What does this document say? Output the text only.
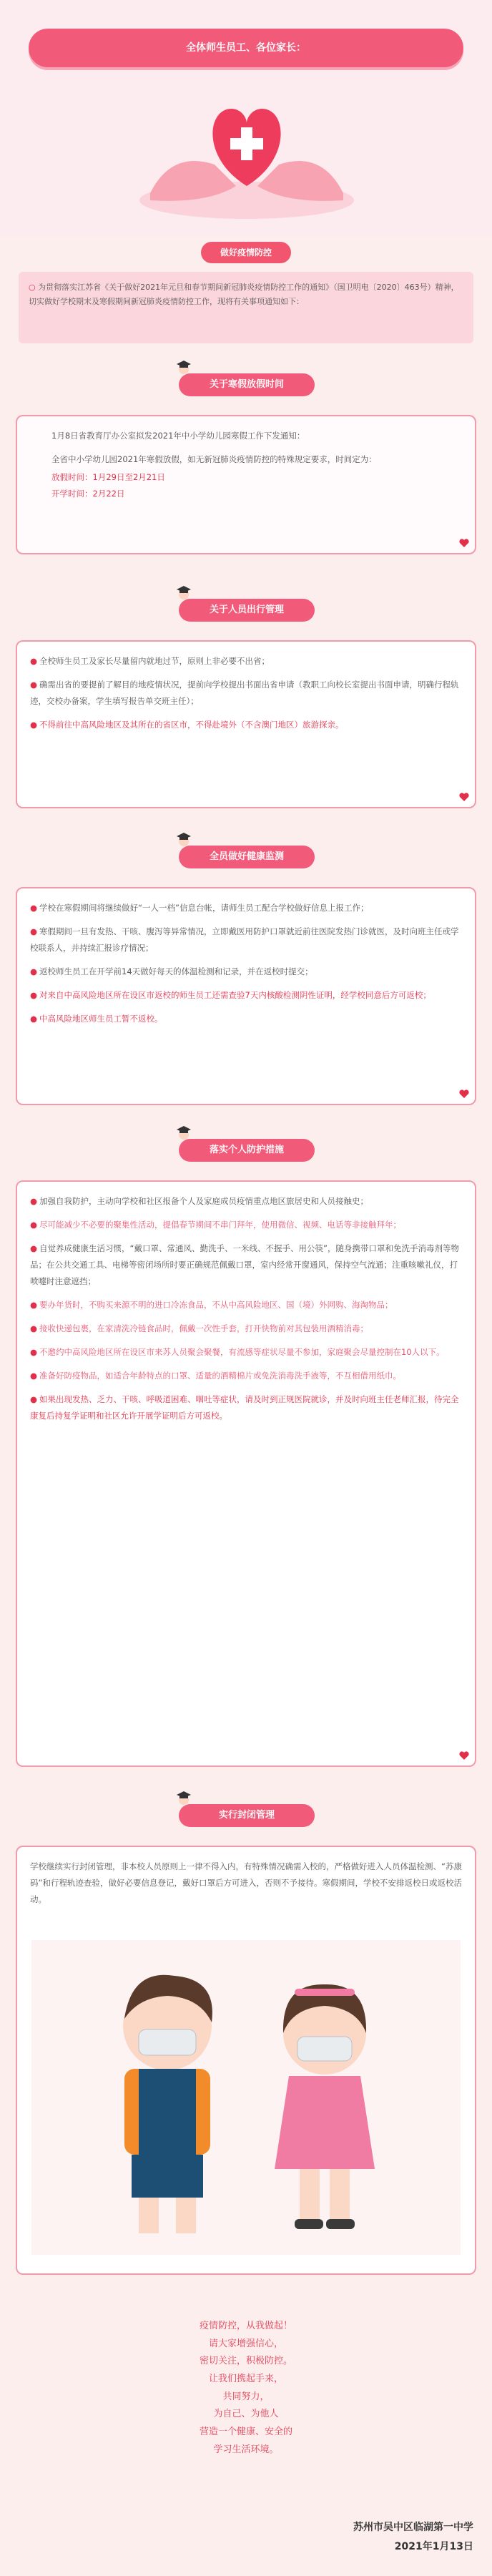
全体师生员工、各位家长：
做好疫情防控
○ 为贯彻落实江苏省《关于做好2021年元旦和春节期间新冠肺炎疫情防控工作的通知》（国卫明电〔2020〕463号）精神，切实做好学校期末及寒假期间新冠肺炎疫情防控工作，现将有关事项通知如下：
关于寒假放假时间

1月8日省教育厅办公室拟发2021年中小学幼儿园寒假工作下发通知：

全省中小学幼儿园2021年寒假放假，如无新冠肺炎疫情防控的特殊规定要求，时间定为：

放假时间：1月29日至2月21日

开学时间：2月22日

关于人员出行管理

● 全校师生员工及家长尽量留内就地过节，原则上非必要不出省；

● 确需出省的要提前了解目的地疫情状况，提前向学校提出书面出省申请（教职工向校长室提出书面申请，明确行程轨迹，交校办备案，学生填写报告单交班主任）；

● 不得前往中高风险地区及其所在的省区市，不得赴境外（不含澳门地区）旅游探亲。

全员做好健康监测

● 学校在寒假期间将继续做好“一人一档”信息台帐，请师生员工配合学校做好信息上报工作；

● 寒假期间一旦有发热、干咳、腹泻等异常情况，立即戴医用防护口罩就近前往医院发热门诊就医，及时向班主任或学校联系人，并持续汇报诊疗情况；

● 返校师生员工在开学前14天做好每天的体温检测和记录，并在返校时提交；

● 对来自中高风险地区所在设区市返校的师生员工还需查验7天内核酸检测阴性证明，经学校同意后方可返校；

● 中高风险地区师生员工暂不返校。

落实个人防护措施

● 加强自我防护，主动向学校和社区报备个人及家庭成员疫情重点地区旅居史和人员接触史；

● 尽可能减少不必要的聚集性活动，提倡春节期间不串门拜年，使用微信、视频、电话等非接触拜年；

● 自觉养成健康生活习惯，“戴口罩、常通风、勤洗手、一米线、不握手、用公筷”，随身携带口罩和免洗手消毒剂等物品；在公共交通工具、电梯等密闭场所时要正确规范佩戴口罩，室内经常开窗通风，保持空气流通；注重咳嗽礼仪，打喷嚏时注意遮挡；

● 要办年货时，不购买来源不明的进口冷冻食品，不从中高风险地区、国（境）外网购、海淘物品；

● 接收快递包裹，在家清洗冷链食品时，佩戴一次性手套，打开快物前对其包装用酒精消毒；

● 不邀约中高风险地区所在设区市来苏人员聚会聚餐，有流感等症状尽量不参加，家庭聚会尽量控制在10人以下。

● 准备好防疫物品，如适合年龄特点的口罩、适量的酒精棉片或免洗消毒洗手液等，不互相借用纸巾。

● 如果出现发热、乏力、干咳、呼吸道困难、咽吐等症状，请及时到正规医院就诊，并及时向班主任老师汇报，待完全康复后持复学证明和社区允许开展学证明后方可返校。

实行封闭管理

学校继续实行封闭管理，非本校人员原则上一律不得入内，有特殊情况确需入校的，严格做好进入人员体温检测、“苏康码”和行程轨迹查验，做好必要信息登记，戴好口罩后方可进入，否则不予接待。寒假期间，学校不安排返校日或返校活动。

疫情防控，从我做起！
请大家增强信心，
密切关注，积极防控。
让我们携起手来，
共同努力，
为自己、为他人
营造一个健康、安全的
学习生活环境。
苏州市吴中区临湖第一中学
2021年1月13日
